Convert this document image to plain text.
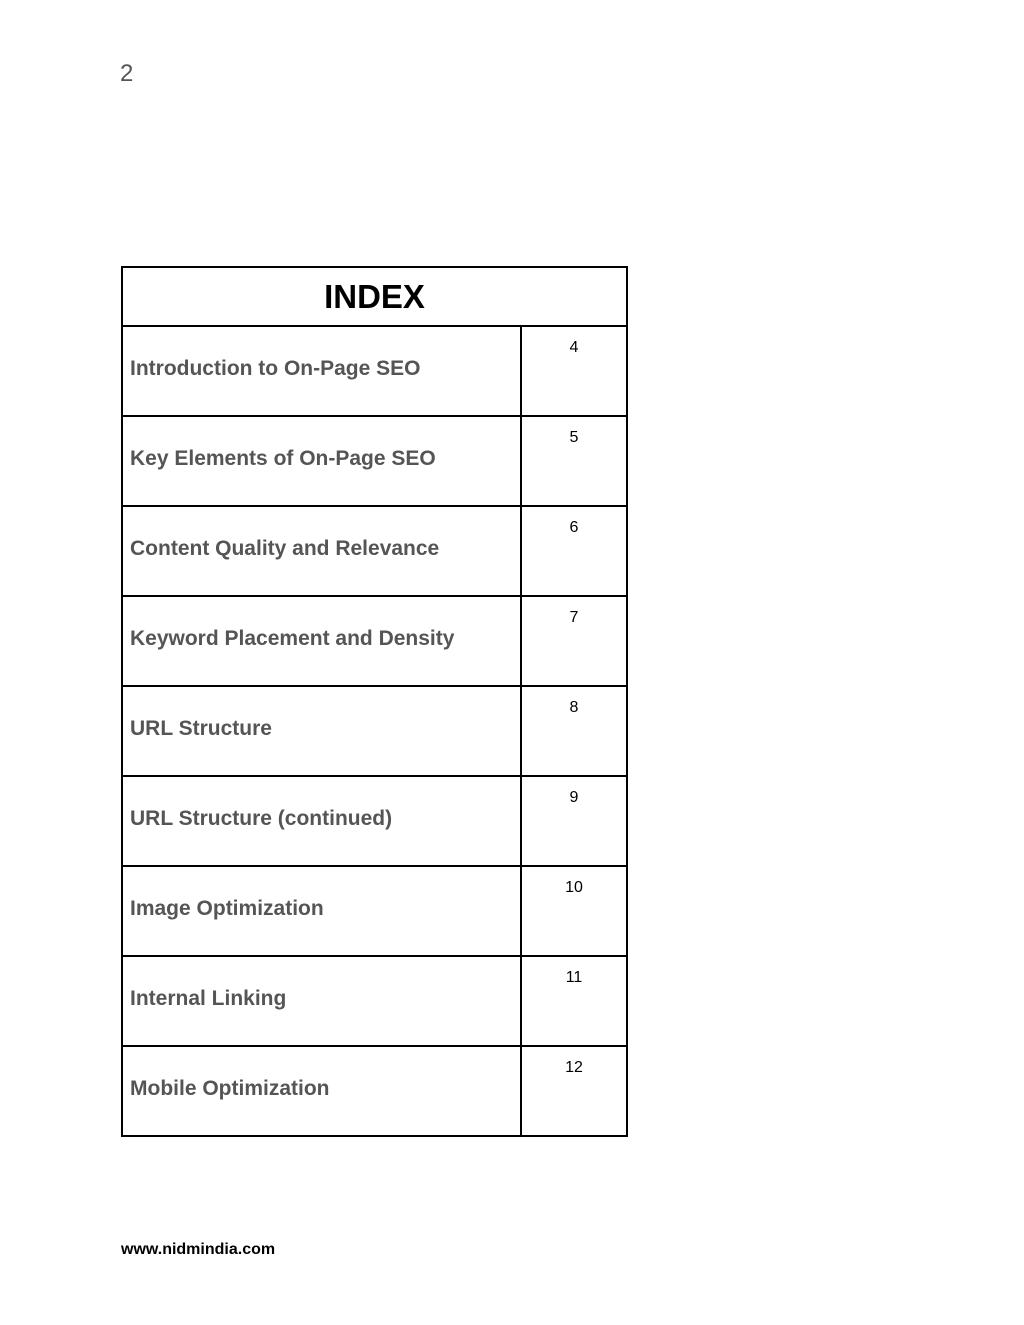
2
INDEX	

Introduction to On-Page SEO	4

Key Elements of On-Page SEO	5

Content Quality and Relevance	6

Keyword Placement and Density	7

URL Structure	8

URL Structure (continued)	9

Image Optimization	10

Internal Linking	11

Mobile Optimization	12
www.nidmindia.com
